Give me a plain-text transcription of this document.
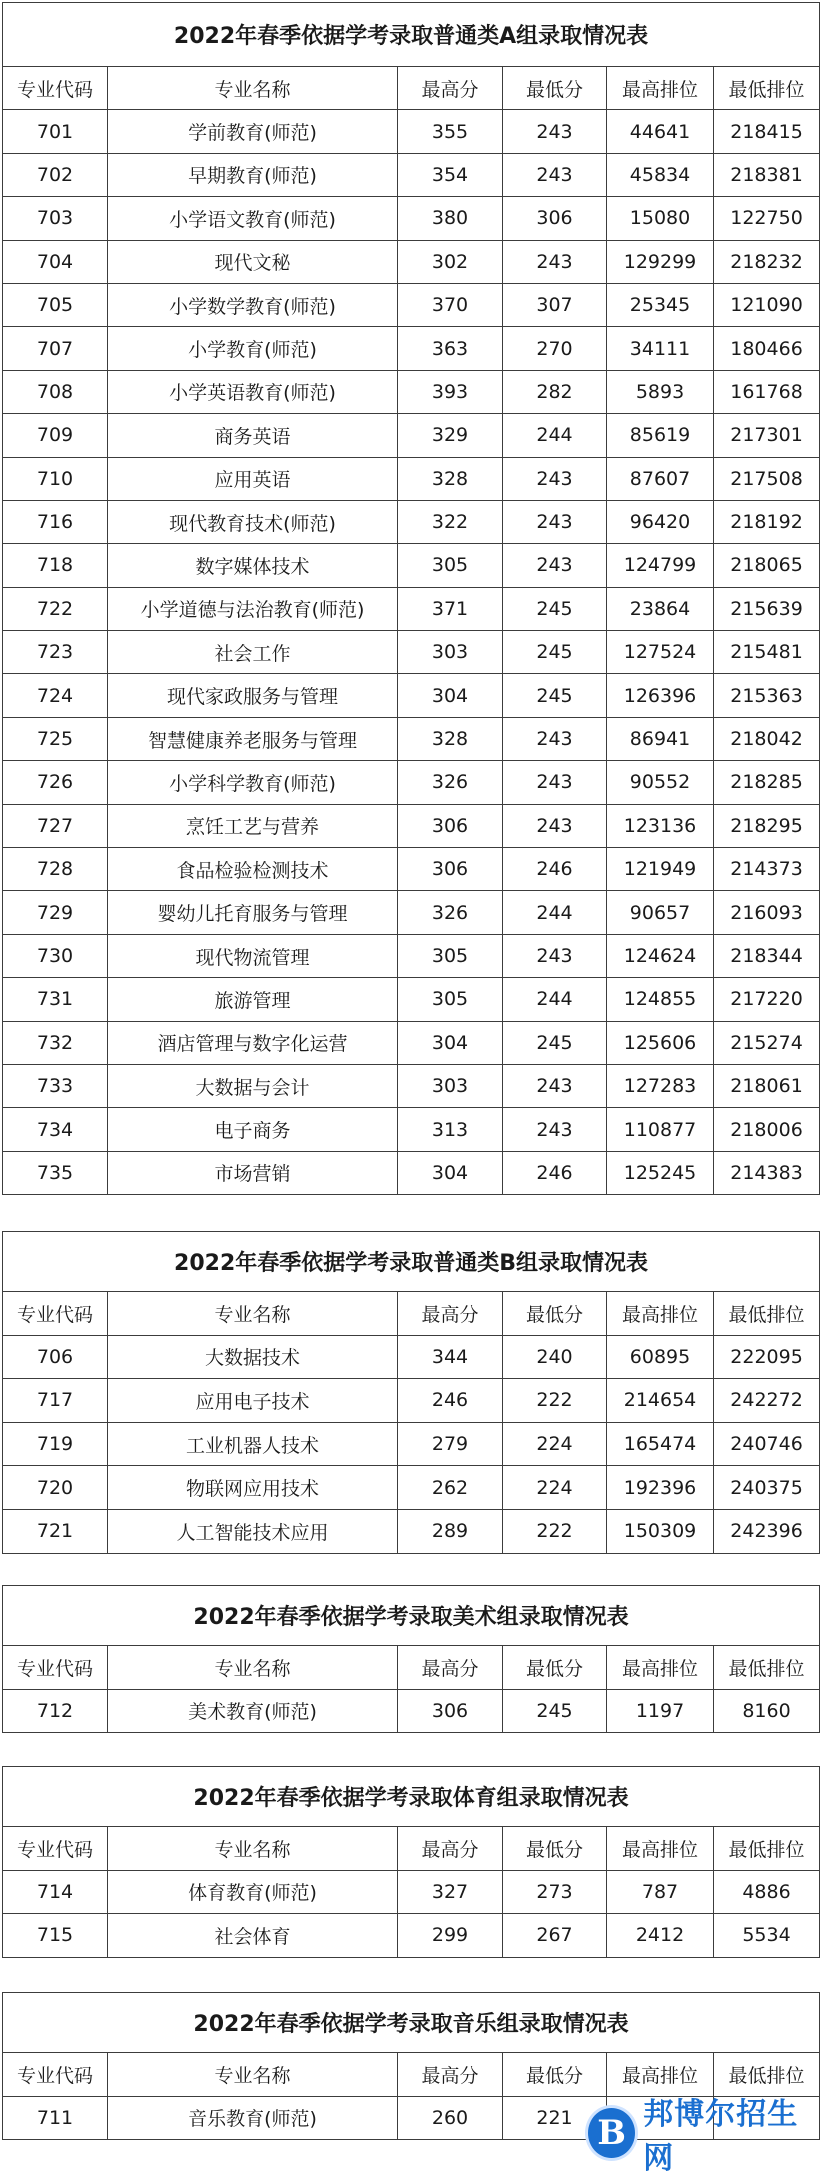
2022年春季依据学考录取普通类A组录取情况表					
专业代码	专业名称	最高分	最低分	最高排位	最低排位
701	学前教育(师范)	355	243	44641	218415
702	早期教育(师范)	354	243	45834	218381
703	小学语文教育(师范)	380	306	15080	122750
704	现代文秘	302	243	129299	218232
705	小学数学教育(师范)	370	307	25345	121090
707	小学教育(师范)	363	270	34111	180466
708	小学英语教育(师范)	393	282	5893	161768
709	商务英语	329	244	85619	217301
710	应用英语	328	243	87607	217508
716	现代教育技术(师范)	322	243	96420	218192
718	数字媒体技术	305	243	124799	218065
722	小学道德与法治教育(师范)	371	245	23864	215639
723	社会工作	303	245	127524	215481
724	现代家政服务与管理	304	245	126396	215363
725	智慧健康养老服务与管理	328	243	86941	218042
726	小学科学教育(师范)	326	243	90552	218285
727	烹饪工艺与营养	306	243	123136	218295
728	食品检验检测技术	306	246	121949	214373
729	婴幼儿托育服务与管理	326	244	90657	216093
730	现代物流管理	305	243	124624	218344
731	旅游管理	305	244	124855	217220
732	酒店管理与数字化运营	304	245	125606	215274
733	大数据与会计	303	243	127283	218061
734	电子商务	313	243	110877	218006
735	市场营销	304	246	125245	214383
2022年春季依据学考录取普通类B组录取情况表					
专业代码	专业名称	最高分	最低分	最高排位	最低排位
706	大数据技术	344	240	60895	222095
717	应用电子技术	246	222	214654	242272
719	工业机器人技术	279	224	165474	240746
720	物联网应用技术	262	224	192396	240375
721	人工智能技术应用	289	222	150309	242396
2022年春季依据学考录取美术组录取情况表					
专业代码	专业名称	最高分	最低分	最高排位	最低排位
712	美术教育(师范)	306	245	1197	8160
2022年春季依据学考录取体育组录取情况表					
专业代码	专业名称	最高分	最低分	最高排位	最低排位
714	体育教育(师范)	327	273	787	4886
715	社会体育	299	267	2412	5534
2022年春季依据学考录取音乐组录取情况表					
专业代码	专业名称	最高分	最低分	最高排位	最低排位
711	音乐教育(师范)	260	221		B 邦博尔招生网
